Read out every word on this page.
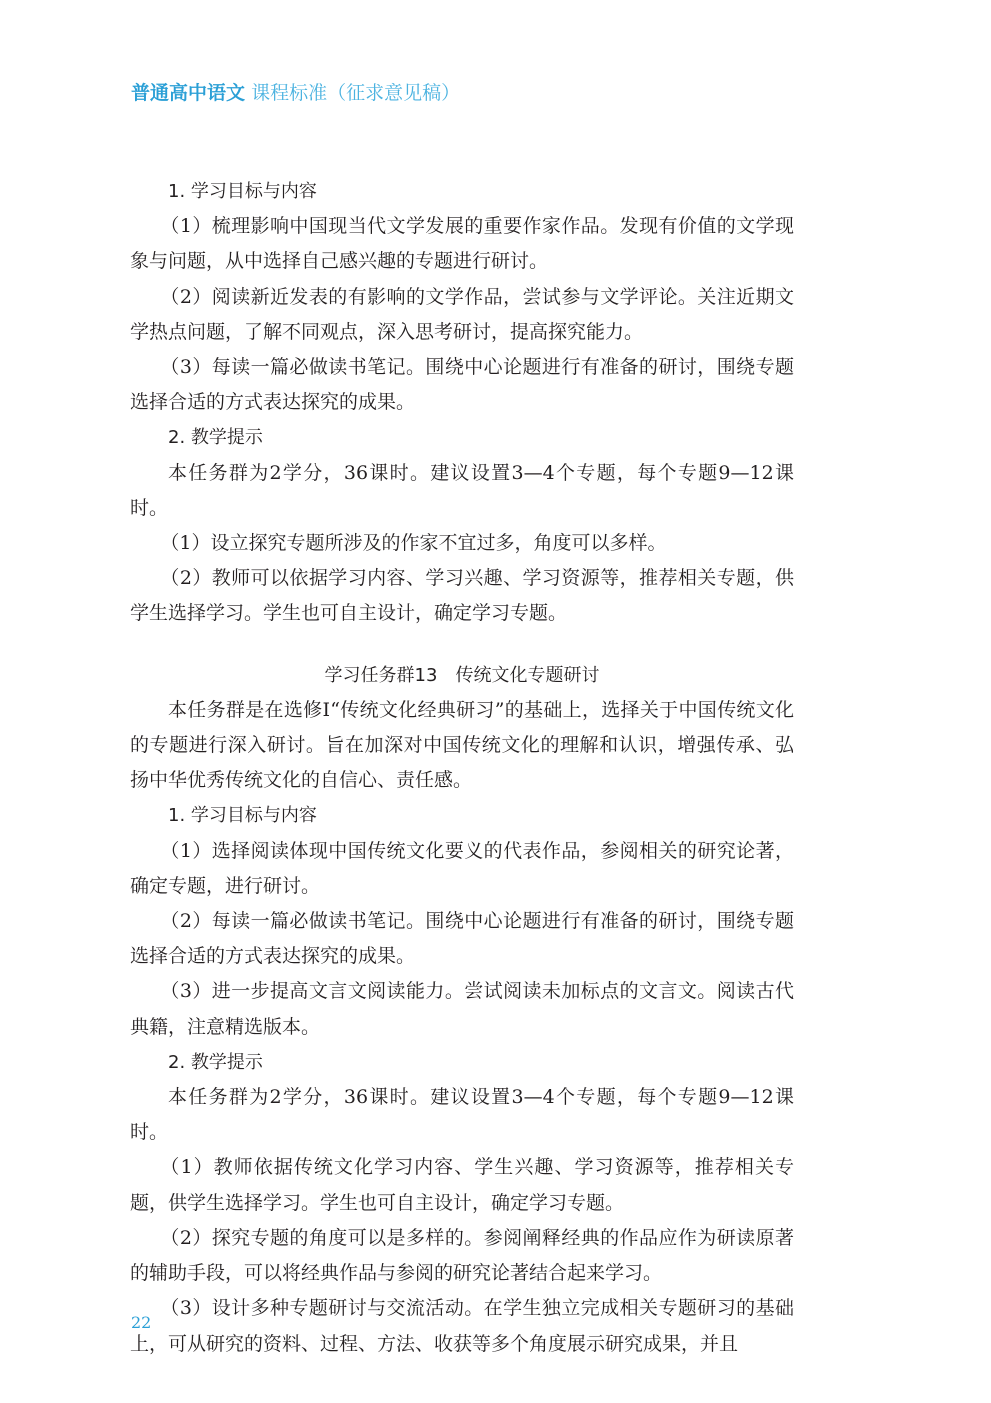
普通高中语文 课程标准（征求意见稿）
1. 学习目标与内容

（1）梳理影响中国现当代文学发展的重要作家作品。发现有价值的文学现象与问题，从中选择自己感兴趣的专题进行研讨。

（2）阅读新近发表的有影响的文学作品，尝试参与文学评论。关注近期文学热点问题，了解不同观点，深入思考研讨，提高探究能力。

（3）每读一篇必做读书笔记。围绕中心论题进行有准备的研讨，围绕专题选择合适的方式表达探究的成果。

2. 教学提示

本任务群为2学分，36课时。建议设置3—4个专题，每个专题9—12课时。

（1）设立探究专题所涉及的作家不宜过多，角度可以多样。

（2）教师可以依据学习内容、学习兴趣、学习资源等，推荐相关专题，供学生选择学习。学生也可自主设计，确定学习专题。

学习任务群13　传统文化专题研讨

本任务群是在选修Ⅰ“传统文化经典研习”的基础上，选择关于中国传统文化的专题进行深入研讨。旨在加深对中国传统文化的理解和认识，增强传承、弘扬中华优秀传统文化的自信心、责任感。

1. 学习目标与内容

（1）选择阅读体现中国传统文化要义的代表作品，参阅相关的研究论著，确定专题，进行研讨。

（2）每读一篇必做读书笔记。围绕中心论题进行有准备的研讨，围绕专题选择合适的方式表达探究的成果。

（3）进一步提高文言文阅读能力。尝试阅读未加标点的文言文。阅读古代典籍，注意精选版本。

2. 教学提示

本任务群为2学分，36课时。建议设置3—4个专题，每个专题9—12课时。

（1）教师依据传统文化学习内容、学生兴趣、学习资源等，推荐相关专题，供学生选择学习。学生也可自主设计，确定学习专题。

（2）探究专题的角度可以是多样的。参阅阐释经典的作品应作为研读原著的辅助手段，可以将经典作品与参阅的研究论著结合起来学习。

（3）设计多种专题研讨与交流活动。在学生独立完成相关专题研习的基础上，可从研究的资料、过程、方法、收获等多个角度展示研究成果，并且

22
